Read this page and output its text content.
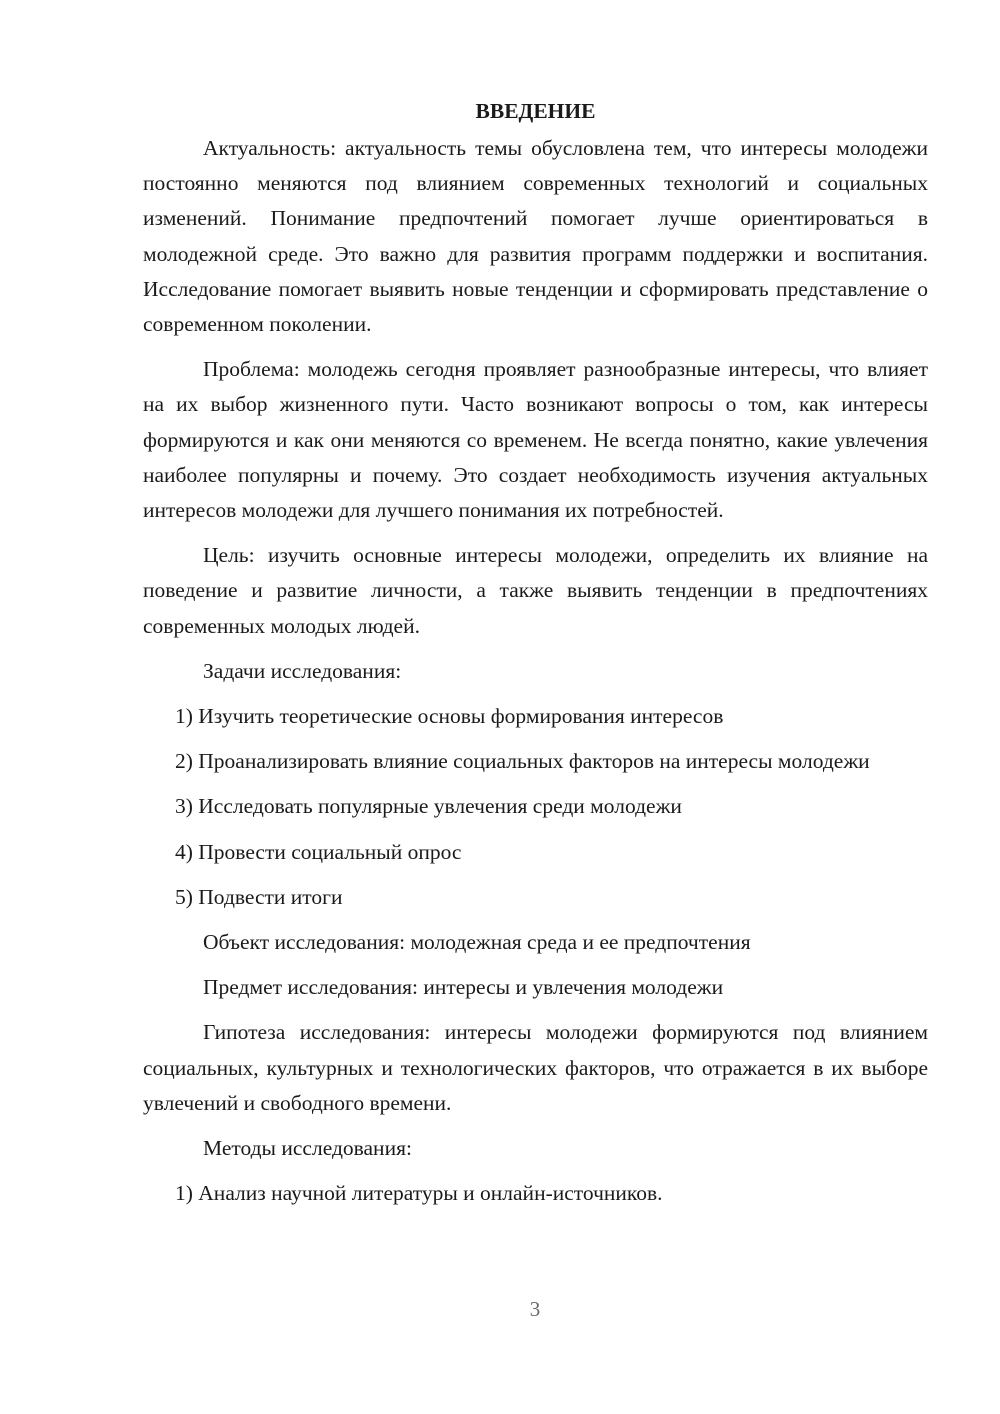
ВВЕДЕНИЕ

Актуальность: актуальность темы обусловлена тем, что интересы молодежи постоянно меняются под влиянием современных технологий и социальных изменений. Понимание предпочтений помогает лучше ориентироваться в молодежной среде. Это важно для развития программ поддержки и воспитания. Исследование помогает выявить новые тенденции и сформировать представление о современном поколении.

Проблема: молодежь сегодня проявляет разнообразные интересы, что влияет на их выбор жизненного пути. Часто возникают вопросы о том, как интересы формируются и как они меняются со временем. Не всегда понятно, какие увлечения наиболее популярны и почему. Это создает необходимость изучения актуальных интересов молодежи для лучшего понимания их потребностей.

Цель: изучить основные интересы молодежи, определить их влияние на поведение и развитие личности, а также выявить тенденции в предпочтениях современных молодых людей.

Задачи исследования:

1) Изучить теоретические основы формирования интересов

2) Проанализировать влияние социальных факторов на интересы молодежи

3) Исследовать популярные увлечения среди молодежи

4) Провести социальный опрос

5) Подвести итоги

Объект исследования: молодежная среда и ее предпочтения

Предмет исследования: интересы и увлечения молодежи

Гипотеза исследования: интересы молодежи формируются под влиянием социальных, культурных и технологических факторов, что отражается в их выборе увлечений и свободного времени.

Методы исследования:

1) Анализ научной литературы и онлайн-источников.

3
